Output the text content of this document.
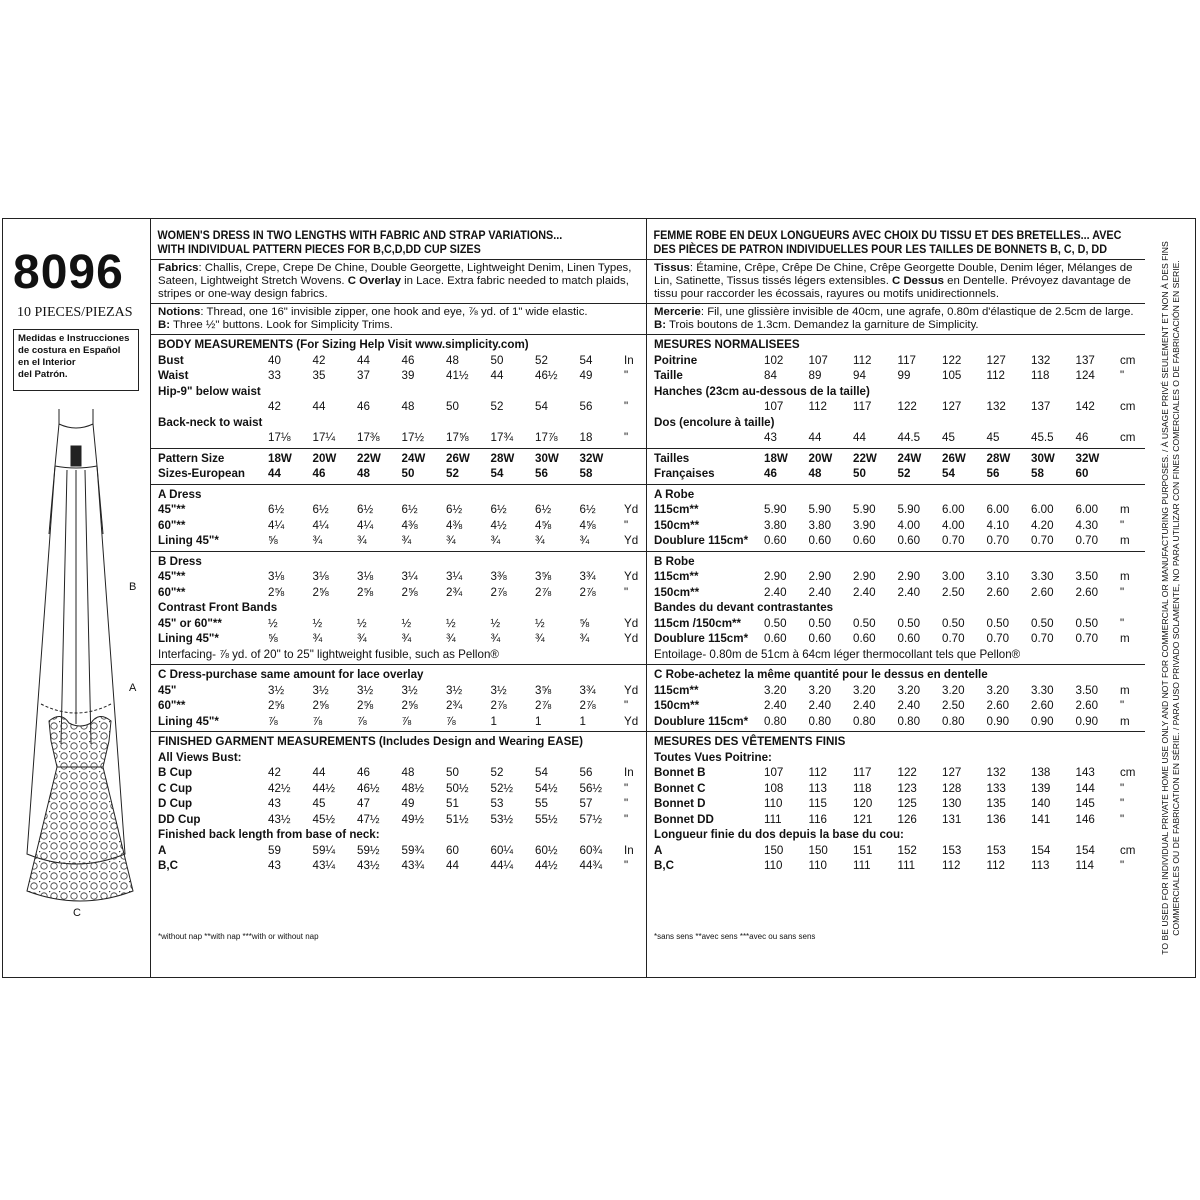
8096
10 PIECES/PIEZAS
Medidas e Instrucciones
de costura en Español
en el Interior
del Patrón.
B
A
C
WOMEN'S DRESS IN TWO LENGTHS WITH FABRIC AND STRAP VARIATIONS...
WITH INDIVIDUAL PATTERN PIECES FOR B,C,D,DD CUP SIZES
Fabrics: Challis, Crepe, Crepe De Chine, Double Georgette, Lightweight Denim, Linen Types, Sateen, Lightweight Stretch Wovens. C Overlay in Lace. Extra fabric needed to match plaids, stripes or one-way design fabrics.
Notions: Thread, one 16" invisible zipper, one hook and eye, ⅞ yd. of 1" wide elastic.
B: Three ½" buttons. Look for Simplicity Trims.
BODY MEASUREMENTS (For Sizing Help Visit www.simplicity.com)
Bust	40	42	44	46	48	50	52	54	In
Waist	33	35	37	39	41½	44	46½	49	"
Hip-9" below waist
42	44	46	48	50	52	54	56	"
Back-neck to waist
17⅛	17¼	17⅜	17½	17⅝	17¾	17⅞	18	"
Pattern Size	18W	20W	22W	24W	26W	28W	30W	32W
Sizes-European	44	46	48	50	52	54	56	58
A Dress
45"**	6½	6½	6½	6½	6½	6½	6½	6½	Yd
60"**	4¼	4¼	4¼	4⅜	4⅜	4½	4⅝	4⅝	"
Lining 45"*	⅝	¾	¾	¾	¾	¾	¾	¾	Yd
B Dress
45"**	3⅛	3⅛	3⅛	3¼	3¼	3⅜	3⅝	3¾	Yd
60"**	2⅝	2⅝	2⅝	2⅝	2¾	2⅞	2⅞	2⅞	"
Contrast Front Bands
45" or 60"**	½	½	½	½	½	½	½	⅝	Yd
Lining 45"*	⅝	¾	¾	¾	¾	¾	¾	¾	Yd
Interfacing- ⅞ yd. of 20" to 25" lightweight fusible, such as Pellon®
C Dress-purchase same amount for lace overlay
45"	3½	3½	3½	3½	3½	3½	3⅝	3¾	Yd
60"**	2⅝	2⅝	2⅝	2⅝	2¾	2⅞	2⅞	2⅞	"
Lining 45"*	⅞	⅞	⅞	⅞	⅞	1	1	1	Yd
FINISHED GARMENT MEASUREMENTS (Includes Design and Wearing EASE)
All Views Bust:
B Cup	42	44	46	48	50	52	54	56	In
C Cup	42½	44½	46½	48½	50½	52½	54½	56½	"
D Cup	43	45	47	49	51	53	55	57	"
DD Cup	43½	45½	47½	49½	51½	53½	55½	57½	"
Finished back length from base of neck:
A	59	59¼	59½	59¾	60	60¼	60½	60¾	In
B,C	43	43¼	43½	43¾	44	44¼	44½	44¾	"
*without nap **with nap ***with or without nap
FEMME ROBE EN DEUX LONGUEURS AVEC CHOIX DU TISSU ET DES BRETELLES... AVEC
DES PIÈCES DE PATRON INDIVIDUELLES POUR LES TAILLES DE BONNETS B, C, D, DD
Tissus: Étamine, Crêpe, Crêpe De Chine, Crêpe Georgette Double, Denim léger, Mélanges de Lin, Satinette, Tissus tissés légers extensibles. C Dessus en Dentelle. Prévoyez davantage de tissu pour raccorder les écossais, rayures ou motifs unidirectionnels.
Mercerie: Fil, une glissière invisible de 40cm, une agrafe, 0.80m d'élastique de 2.5cm de large. B: Trois boutons de 1.3cm. Demandez la garniture de Simplicity.
MESURES NORMALISEES
Poitrine	102	107	112	117	122	127	132	137	cm
Taille	84	89	94	99	105	112	118	124	"
Hanches (23cm au-dessous de la taille)
107	112	117	122	127	132	137	142	cm
Dos (encolure à taille)
43	44	44	44.5	45	45	45.5	46	cm
Tailles	18W	20W	22W	24W	26W	28W	30W	32W
Françaises	46	48	50	52	54	56	58	60
A Robe
115cm**	5.90	5.90	5.90	5.90	6.00	6.00	6.00	6.00	m
150cm**	3.80	3.80	3.90	4.00	4.00	4.10	4.20	4.30	"
Doublure 115cm*	0.60	0.60	0.60	0.60	0.70	0.70	0.70	0.70	m
B Robe
115cm**	2.90	2.90	2.90	2.90	3.00	3.10	3.30	3.50	m
150cm**	2.40	2.40	2.40	2.40	2.50	2.60	2.60	2.60	"
Bandes du devant contrastantes
115cm /150cm**	0.50	0.50	0.50	0.50	0.50	0.50	0.50	0.50	"
Doublure 115cm*	0.60	0.60	0.60	0.60	0.70	0.70	0.70	0.70	m
Entoilage- 0.80m de 51cm à 64cm léger thermocollant tels que Pellon®
C Robe-achetez la même quantité pour le dessus en dentelle
115cm**	3.20	3.20	3.20	3.20	3.20	3.20	3.30	3.50	m
150cm**	2.40	2.40	2.40	2.40	2.50	2.60	2.60	2.60	"
Doublure 115cm*	0.80	0.80	0.80	0.80	0.80	0.90	0.90	0.90	m
MESURES DES VÊTEMENTS FINIS
Toutes Vues Poitrine:
Bonnet B	107	112	117	122	127	132	138	143	cm
Bonnet C	108	113	118	123	128	133	139	144	"
Bonnet D	110	115	120	125	130	135	140	145	"
Bonnet DD	111	116	121	126	131	136	141	146	"
Longueur finie du dos depuis la base du cou:
A	150	150	151	152	153	153	154	154	cm
B,C	110	110	111	111	112	112	113	114	"
*sans sens **avec sens ***avec ou sans sens	TO BE USED FOR INDIVIDUAL PRIVATE HOME USE ONLY AND NOT FOR COMMERCIAL OR MANUFACTURING PURPOSES. / À USAGE PRIVÉ SEULEMENT ET NON À DES FINS COMMERCIALES OU DE FABRICATION EN SÉRIE. / PARA USO PRIVADO SOLAMENTE, NO PARA UTILIZAR CON FINES COMERCIALES O DE FABRICACIÓN EN SERIE.
